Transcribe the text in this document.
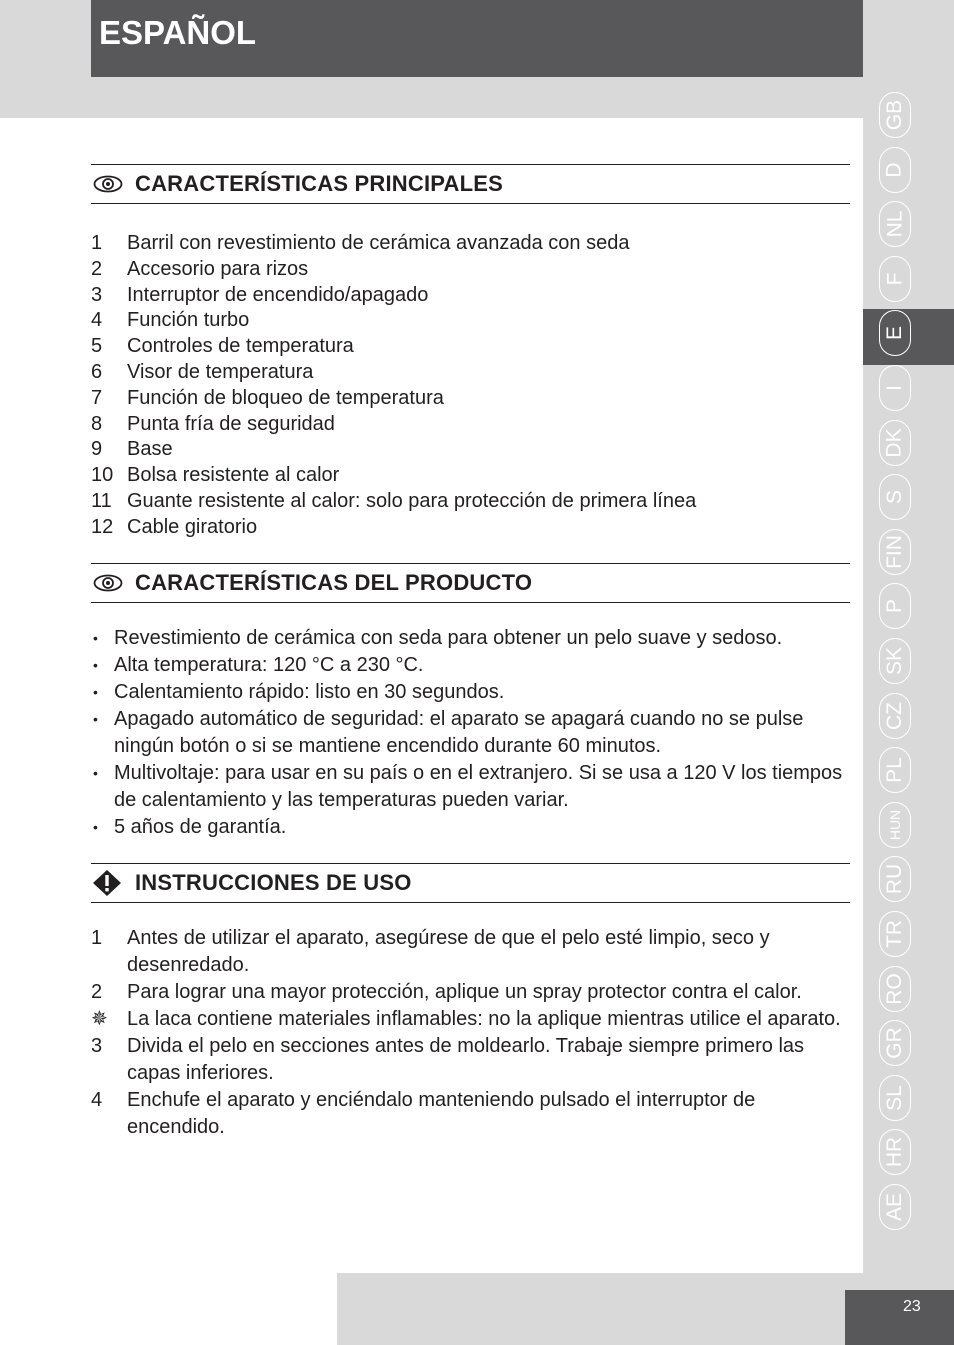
ESPAÑOL
GB
D
NL
F
E
I
DK
S
FIN
P
SK
CZ
PL
HUN
RU
TR
RO
GR
SL
HR
AE
CARACTERÍSTICAS PRINCIPALES
1	Barril con revestimiento de cerámica avanzada con seda
2	Accesorio para rizos
3	Interruptor de encendido/apagado
4	Función turbo
5	Controles de temperatura
6	Visor de temperatura
7	Función de bloqueo de temperatura
8	Punta fría de seguridad
9	Base
10 Bolsa resistente al calor
11 Guante resistente al calor: solo para protección de primera línea
12 Cable giratorio
CARACTERÍSTICAS DEL PRODUCTO
• Revestimiento de cerámica con seda para obtener un pelo suave y sedoso.
• Alta temperatura: 120 °C a 230 °C.
• Calentamiento rápido: listo en 30 segundos.
• Apagado automático de seguridad: el aparato se apagará cuando no se pulse ningún botón o si se mantiene encendido durante 60 minutos.
• Multivoltaje: para usar en su país o en el extranjero. Si se usa a 120 V los tiempos de calentamiento y las temperaturas pueden variar.
• 5 años de garantía.
INSTRUCCIONES DE USO
1	Antes de utilizar el aparato, asegúrese de que el pelo esté limpio, seco y desenredado.
2	Para lograr una mayor protección, aplique un spray protector contra el calor.
✵ La laca contiene materiales inflamables: no la aplique mientras utilice el aparato.
3	Divida el pelo en secciones antes de moldearlo. Trabaje siempre primero las capas inferiores.
4	Enchufe el aparato y enciéndalo manteniendo pulsado el interruptor de encendido.
23
